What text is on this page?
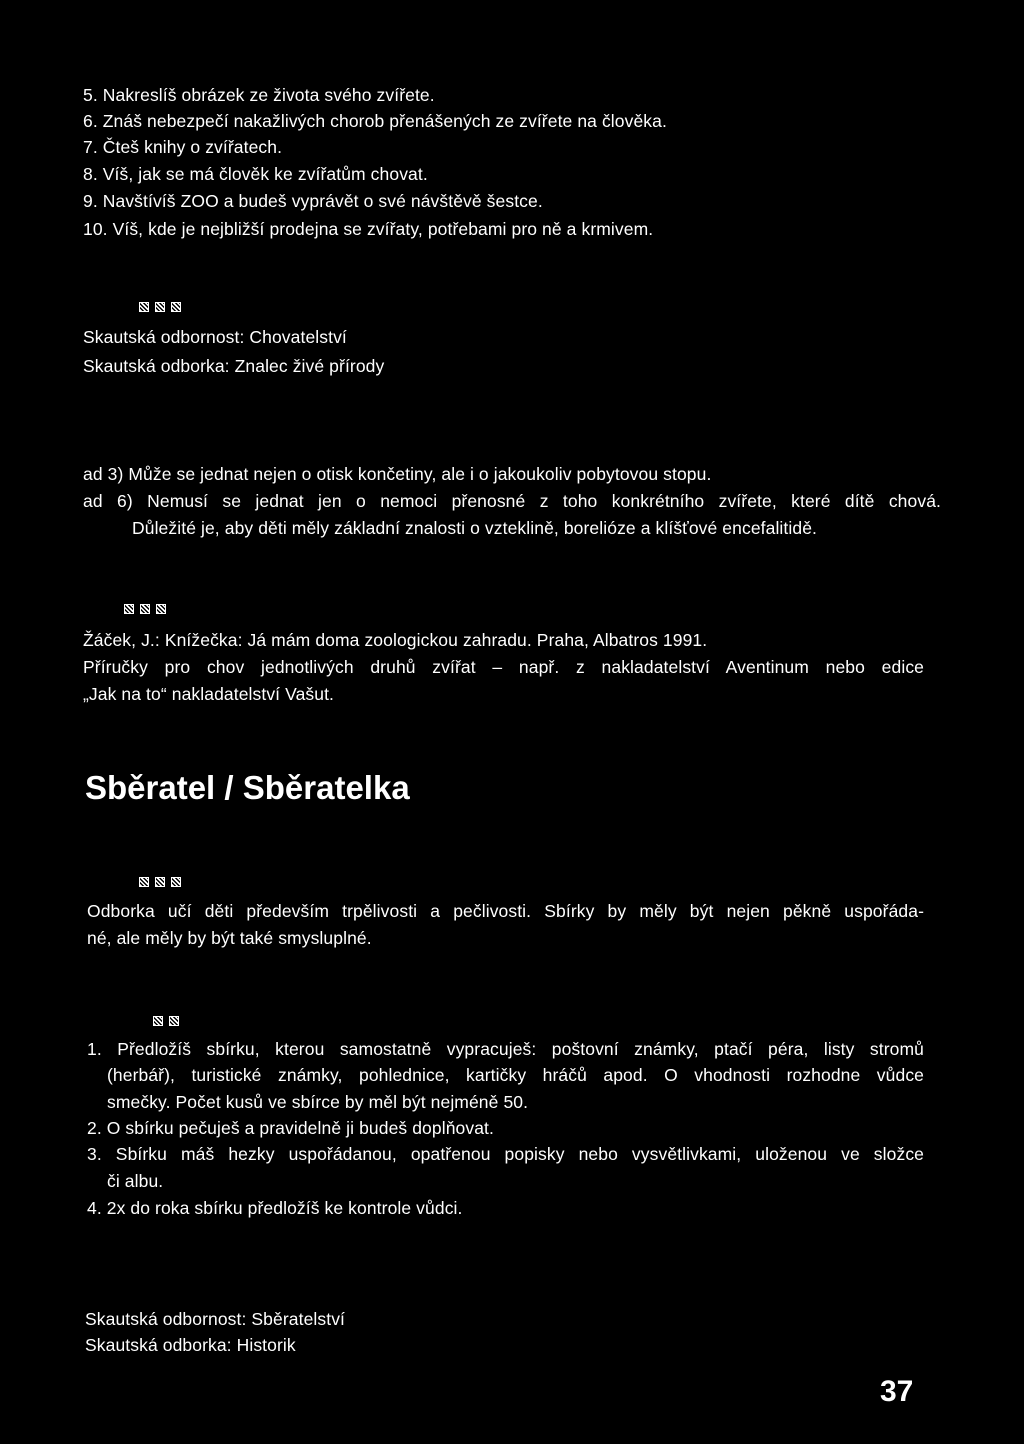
5. Nakreslíš obrázek ze života svého zvířete.
6. Znáš nebezpečí nakažlivých chorob přenášených ze zvířete na člověka.
7. Čteš knihy o zvířatech.
8. Víš, jak se má člověk ke zvířatům chovat.
9. Navštívíš ZOO a budeš vyprávět o své návštěvě šestce.
10. Víš, kde je nejbližší prodejna se zvířaty, potřebami pro ně a krmivem.
Skautská odbornost: Chovatelství
Skautská odborka: Znalec živé přírody
ad 3) Může se jednat nejen o otisk končetiny, ale i o jakoukoliv pobytovou stopu.
ad 6) Nemusí se jednat jen o nemoci přenosné z toho konkrétního zvířete, které dítě chová.
Důležité je, aby děti měly základní znalosti o vzteklině, borelióze a klíšťové encefalitidě.
Žáček, J.: Knížečka: Já mám doma zoologickou zahradu. Praha, Albatros 1991.
Příručky pro chov jednotlivých druhů zvířat – např. z nakladatelství Aventinum nebo edice
„Jak na to“ nakladatelství Vašut.
Sběratel / Sběratelka
Odborka učí děti především trpělivosti a pečlivosti. Sbírky by měly být nejen pěkně uspořáda-
né, ale měly by být také smysluplné.
1. Předložíš sbírku, kterou samostatně vypracuješ: poštovní známky, ptačí péra, listy stromů
(herbář), turistické známky, pohlednice, kartičky hráčů apod. O vhodnosti rozhodne vůdce
smečky. Počet kusů ve sbírce by měl být nejméně 50.
2. O sbírku pečuješ a pravidelně ji budeš doplňovat.
3. Sbírku máš hezky uspořádanou, opatřenou popisky nebo vysvětlivkami, uloženou ve složce
či albu.
4. 2x do roka sbírku předložíš ke kontrole vůdci.
Skautská odbornost: Sběratelství
Skautská odborka: Historik
37
